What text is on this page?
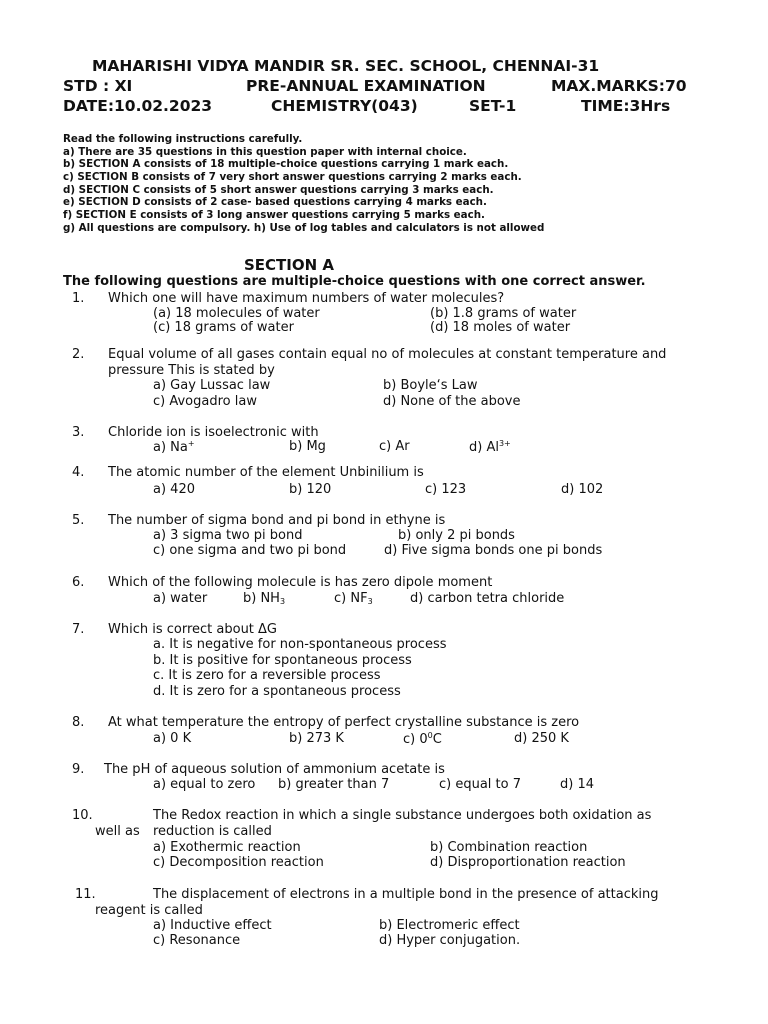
MAHARISHI VIDYA MANDIR SR. SEC. SCHOOL, CHENNAI-31
STD : XI	PRE-ANNUAL EXAMINATION	MAX.MARKS:70
DATE:10.02.2023	CHEMISTRY(043)	SET-1	TIME:3Hrs
Read the following instructions carefully.
a) There are 35 questions in this question paper with internal choice.
b) SECTION A consists of 18 multiple-choice questions carrying 1 mark each.
c) SECTION B consists of 7 very short answer questions carrying 2 marks each.
d) SECTION C consists of 5 short answer questions carrying 3 marks each.
e) SECTION D consists of 2 case- based questions carrying 4 marks each.
f) SECTION E consists of 3 long answer questions carrying 5 marks each.
g) All questions are compulsory. h) Use of log tables and calculators is not allowed
SECTION A
The following questions are multiple-choice questions with one correct answer.
1. Which one will have maximum numbers of water molecules?
(a) 18 molecules of water	(b) 1.8 grams of water
(c) 18 grams of water	(d) 18 moles of water
2. Equal volume of all gases contain equal no of molecules at constant temperature and
pressure This is stated by
a) Gay Lussac law	b) Boyle‘s Law
c) Avogadro law	d) None of the above
3. Chloride ion is isoelectronic with
a) Na+	b) Mg	c) Ar	d) $Al^{3+}$
4. The atomic number of the element Unbinilium is
a) 420	b) 120	c) 123	d) 102
5. The number of sigma bond and pi bond in ethyne is
a) 3 sigma two pi bond	b) only 2 pi bonds
c) one sigma and two pi bond	d) Five sigma bonds one pi bonds
6. Which of the following molecule is has zero dipole moment
a) water	b) $NH_3$	c) $NF_3$	d) carbon tetra chloride
7. Which is correct about ΔG
a. It is negative for non-spontaneous process
b. It is positive for spontaneous process
c. It is zero for a reversible process
d. It is zero for a spontaneous process
8. At what temperature the entropy of perfect crystalline substance is zero
a) 0 K	b) 273 K	c) $0^0C$	d) 250 K
9. The pH of aqueous solution of ammonium acetate is
a) equal to zero b) greater than 7	c) equal to 7	d) 14
10.	The Redox reaction in which a single substance undergoes both oxidation as
well as reduction is called
a) Exothermic reaction	b) Combination reaction
c) Decomposition reaction	d) Disproportionation reaction
11.	The displacement of electrons in a multiple bond in the presence of attacking
reagent is called
a) Inductive effect	b) Electromeric effect
c) Resonance	d) Hyper conjugation.
